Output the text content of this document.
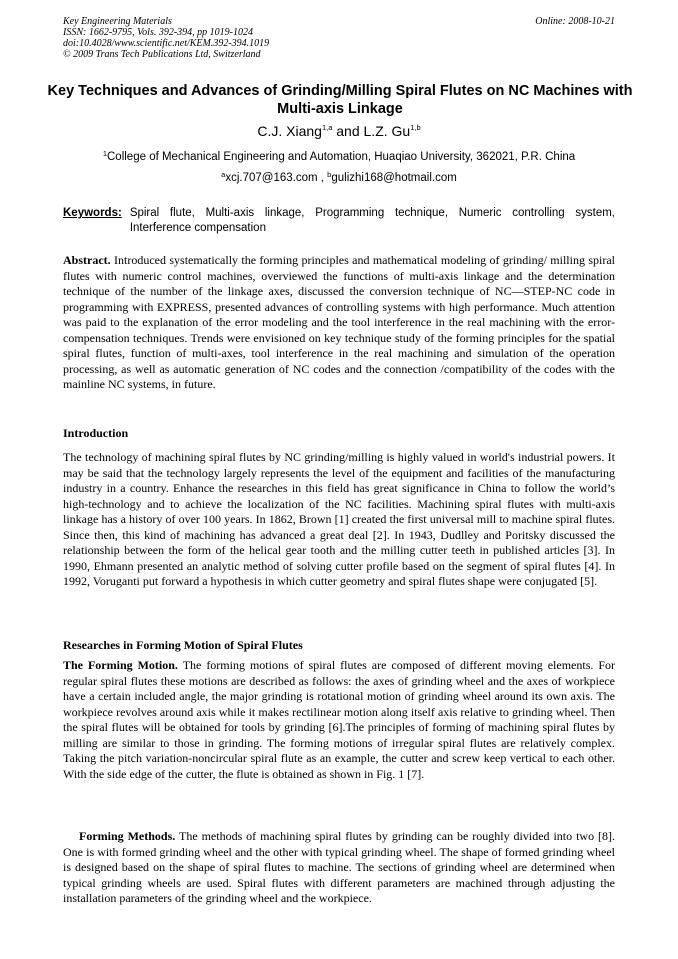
Key Engineering Materials
ISSN: 1662-9795, Vols. 392-394, pp 1019-1024
doi:10.4028/www.scientific.net/KEM.392-394.1019
© 2009 Trans Tech Publications Ltd, Switzerland
Online: 2008-10-21
Key Techniques and Advances of Grinding/Milling Spiral Flutes on NC Machines with Multi-axis Linkage
C.J. Xiang$^{1,a}$ and L.Z. Gu$^{1,b}$
$^1$College of Mechanical Engineering and Automation, Huaqiao University, 362021, P.R. China
$^a$xcj.707@163.com , $^b$gulizhi168@hotmail.com
Keywords: Spiral flute, Multi-axis linkage, Programming technique, Numeric controlling system, Interference compensation
Abstract. Introduced systematically the forming principles and mathematical modeling of grinding/ milling spiral flutes with numeric control machines, overviewed the functions of multi-axis linkage and the determination technique of the number of the linkage axes, discussed the conversion technique of NC—STEP-NC code in programming with EXPRESS, presented advances of controlling systems with high performance. Much attention was paid to the explanation of the error modeling and the tool interference in the real machining with the error-compensation techniques. Trends were envisioned on key technique study of the forming principles for the spatial spiral flutes, function of multi-axes, tool interference in the real machining and simulation of the operation processing, as well as automatic generation of NC codes and the connection /compatibility of the codes with the mainline NC systems, in future.
Introduction
The technology of machining spiral flutes by NC grinding/milling is highly valued in world's industrial powers. It may be said that the technology largely represents the level of the equipment and facilities of the manufacturing industry in a country. Enhance the researches in this field has great significance in China to follow the world’s high-technology and to achieve the localization of the NC facilities. Machining spiral flutes with multi-axis linkage has a history of over 100 years. In 1862, Brown [1] created the first universal mill to machine spiral flutes. Since then, this kind of machining has advanced a great deal [2]. In 1943, Dudlley and Poritsky discussed the relationship between the form of the helical gear tooth and the milling cutter teeth in published articles [3]. In 1990, Ehmann presented an analytic method of solving cutter profile based on the segment of spiral flutes [4]. In 1992, Voruganti put forward a hypothesis in which cutter geometry and spiral flutes shape were conjugated [5].
Researches in Forming Motion of Spiral Flutes
The Forming Motion. The forming motions of spiral flutes are composed of different moving elements. For regular spiral flutes these motions are described as follows: the axes of grinding wheel and the axes of workpiece have a certain included angle, the major grinding is rotational motion of grinding wheel around its own axis. The workpiece revolves around axis while it makes rectilinear motion along itself axis relative to grinding wheel. Then the spiral flutes will be obtained for tools by grinding [6].The principles of forming of machining spiral flutes by milling are similar to those in grinding. The forming motions of irregular spiral flutes are relatively complex. Taking the pitch variation-noncircular spiral flute as an example, the cutter and screw keep vertical to each other. With the side edge of the cutter, the flute is obtained as shown in Fig. 1 [7].
Forming Methods. The methods of machining spiral flutes by grinding can be roughly divided into two [8]. One is with formed grinding wheel and the other with typical grinding wheel. The shape of formed grinding wheel is designed based on the shape of spiral flutes to machine. The sections of grinding wheel are determined when typical grinding wheels are used. Spiral flutes with different parameters are machined through adjusting the installation parameters of the grinding wheel and the workpiece.
